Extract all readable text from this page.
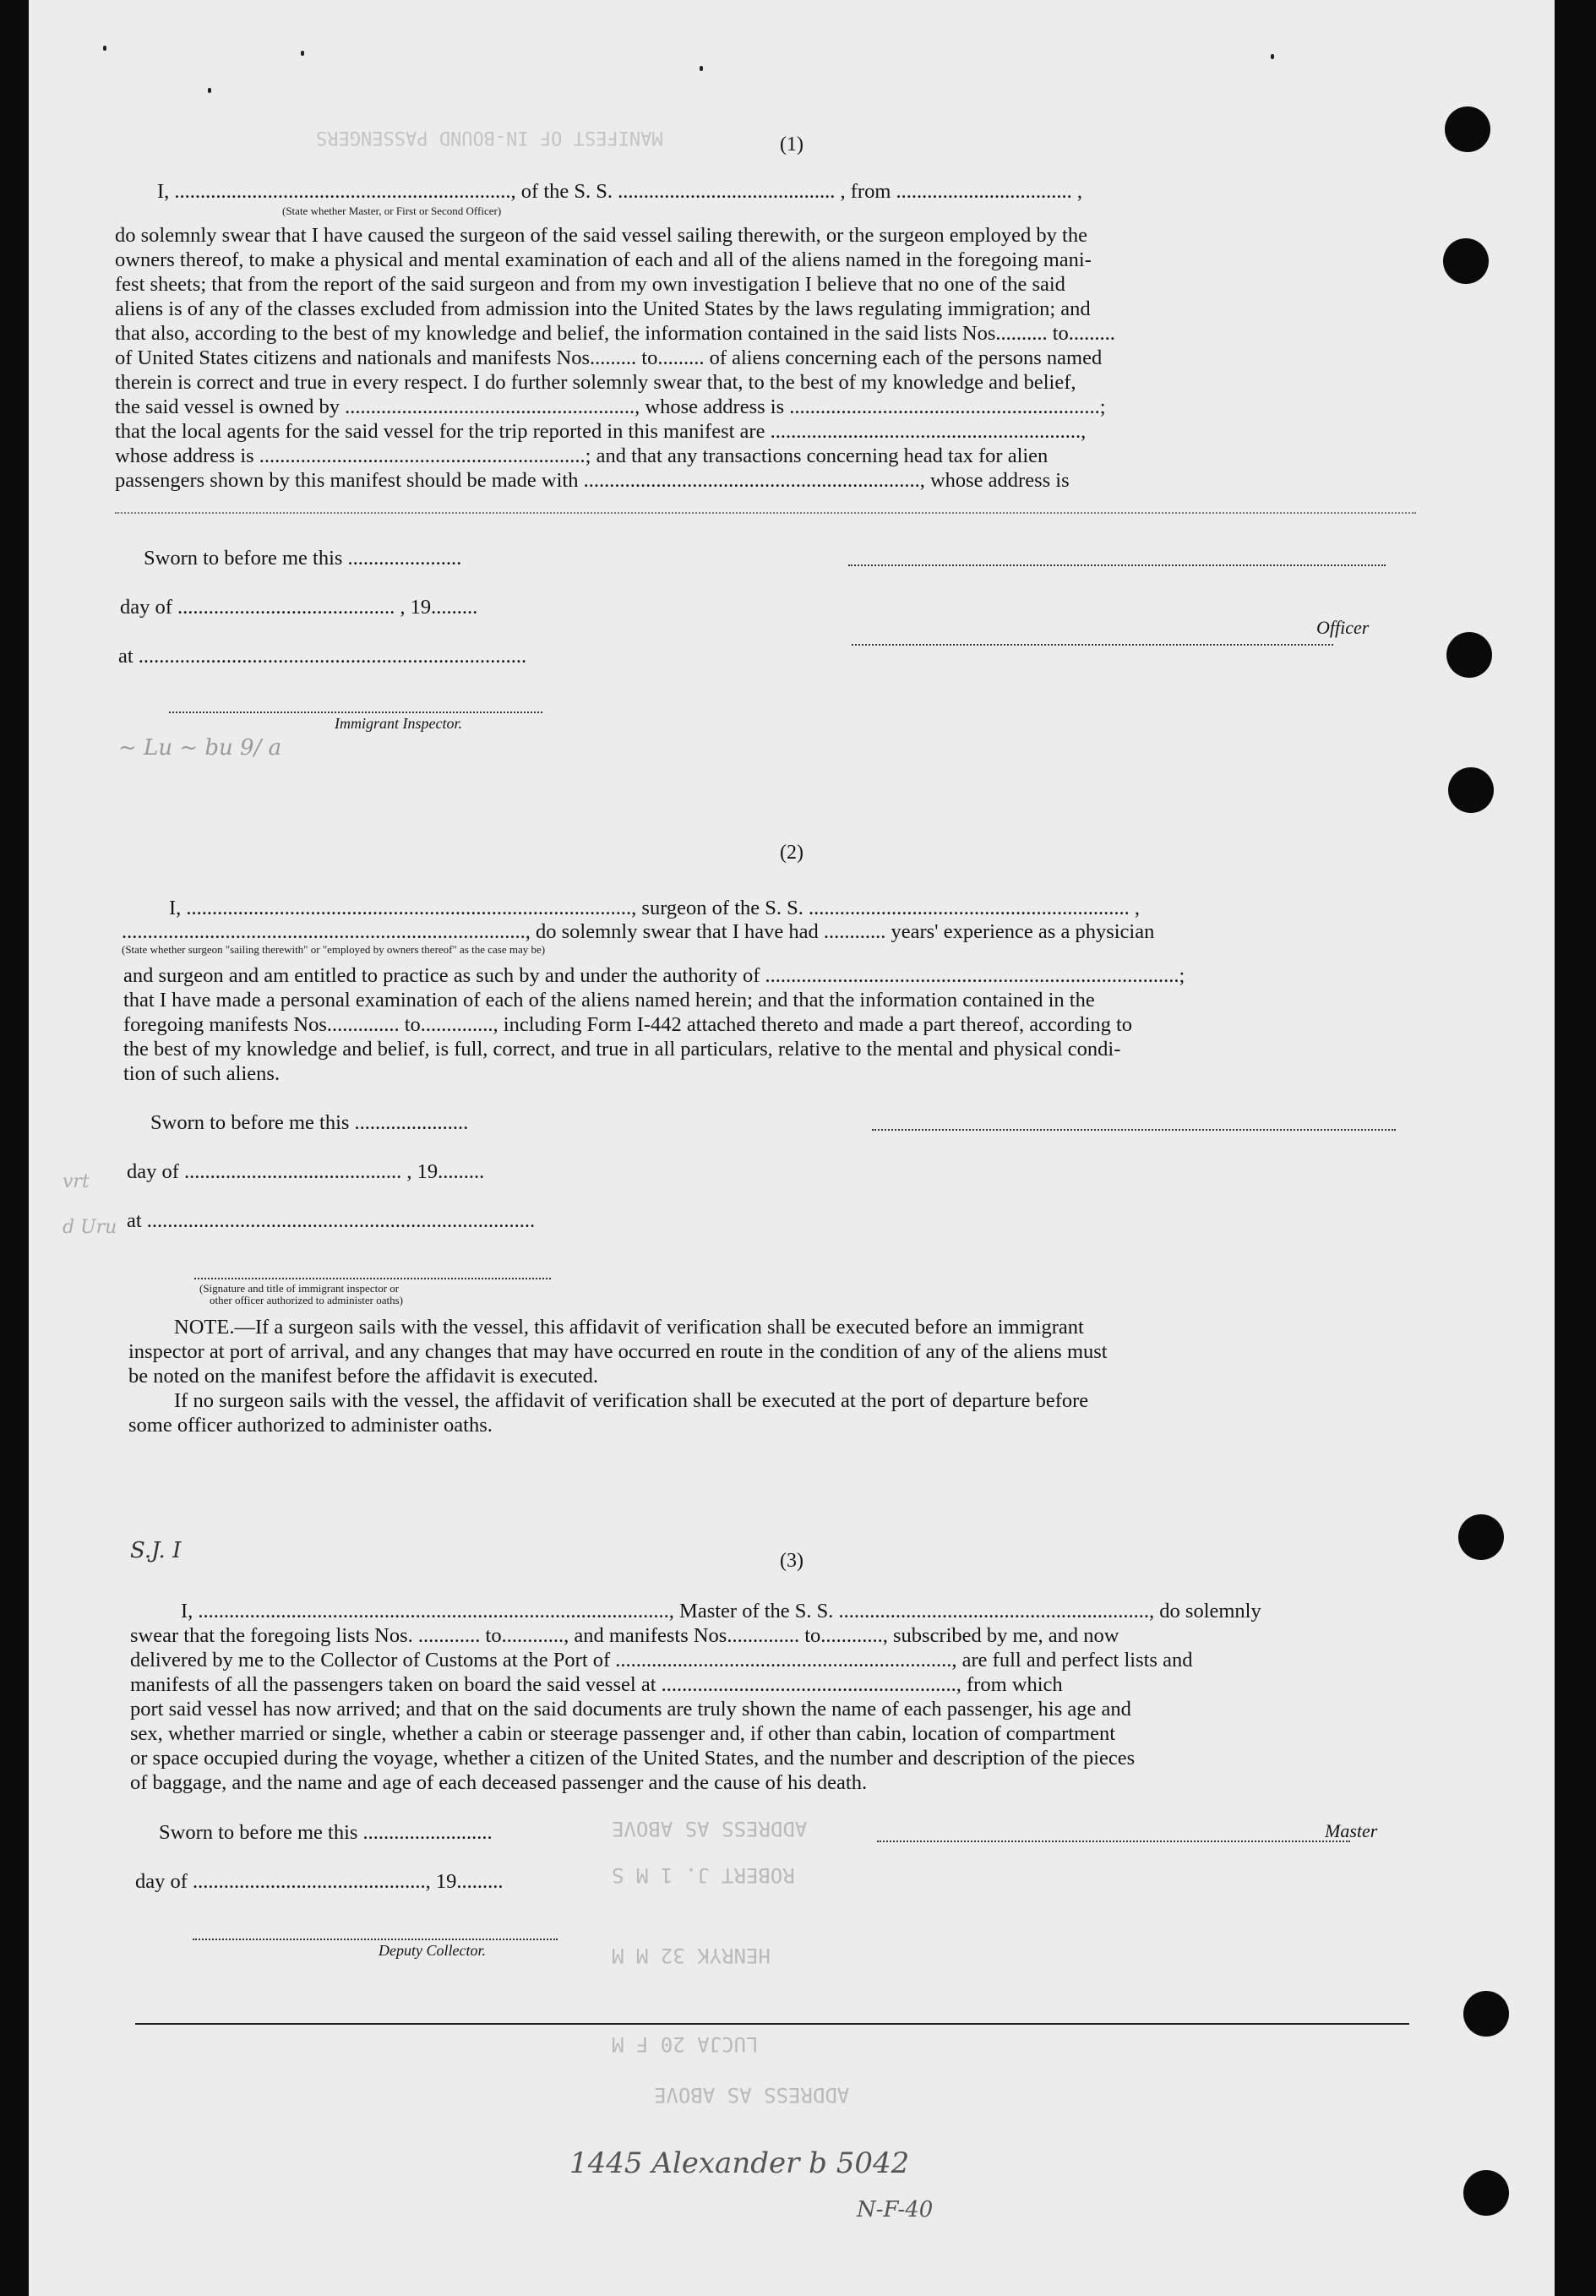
MANIFEST OF IN-BOUND PASSENGERS
ADDRESS AS ABOVE
ROBERT J. 1 M S
HENRYK 32 M M
LUCJA 20 F M
ADDRESS AS ABOVE
(1)
I, ................................................................., of the S. S. .......................................... , from .................................. ,
(State whether Master, or First or Second Officer)
do solemnly swear that I have caused the surgeon of the said vessel sailing therewith, or the surgeon employed by the
owners thereof, to make a physical and mental examination of each and all of the aliens named in the foregoing mani-
fest sheets; that from the report of the said surgeon and from my own investigation I believe that no one of the said
aliens is of any of the classes excluded from admission into the United States by the laws regulating immigration; and
that also, according to the best of my knowledge and belief, the information contained in the said lists Nos.......... to.........
of United States citizens and nationals and manifests Nos......... to......... of aliens concerning each of the persons named
therein is correct and true in every respect. I do further solemnly swear that, to the best of my knowledge and belief,
the said vessel is owned by ........................................................, whose address is ............................................................;
that the local agents for the said vessel for the trip reported in this manifest are ............................................................,
whose address is ...............................................................; and that any transactions concerning head tax for alien
passengers shown by this manifest should be made with ................................................................., whose address is
Sworn to before me this ......................
day of .......................................... , 19.........
Officer
at ...........................................................................
Immigrant Inspector.
~ Lu ~ bu 9/ a
(2)
I, ......................................................................................, surgeon of the S. S. .............................................................. ,
.............................................................................., do solemnly swear that I have had ............ years' experience as a physician
(State whether surgeon "sailing therewith" or "employed by owners thereof" as the case may be)
and surgeon and am entitled to practice as such by and under the authority of ................................................................................;
that I have made a personal examination of each of the aliens named herein; and that the information contained in the
foregoing manifests Nos.............. to.............., including Form I-442 attached thereto and made a part thereof, according to
the best of my knowledge and belief, is full, correct, and true in all particulars, relative to the mental and physical condi-
tion of such aliens.
Sworn to before me this ......................
day of .......................................... , 19.........
at ...........................................................................
(Signature and title of immigrant inspector or
other officer authorized to administer oaths)
vrt
d Uru
NOTE.—If a surgeon sails with the vessel, this affidavit of verification shall be executed before an immigrant
inspector at port of arrival, and any changes that may have occurred en route in the condition of any of the aliens must
be noted on the manifest before the affidavit is executed.
If no surgeon sails with the vessel, the affidavit of verification shall be executed at the port of departure before
some officer authorized to administer oaths.
S.J. I	(3)
I, ..........................................................................................., Master of the S. S. ............................................................, do solemnly
swear that the foregoing lists Nos. ............ to............, and manifests Nos.............. to............, subscribed by me, and now
delivered by me to the Collector of Customs at the Port of ................................................................., are full and perfect lists and
manifests of all the passengers taken on board the said vessel at ........................................................., from which
port said vessel has now arrived; and that on the said documents are truly shown the name of each passenger, his age and
sex, whether married or single, whether a cabin or steerage passenger and, if other than cabin, location of compartment
or space occupied during the voyage, whether a citizen of the United States, and the number and description of the pieces
of baggage, and the name and age of each deceased passenger and the cause of his death.
Sworn to before me this .........................	Master
day of ............................................., 19.........
Deputy Collector.
1445 Alexander b 5042
N-F-40
